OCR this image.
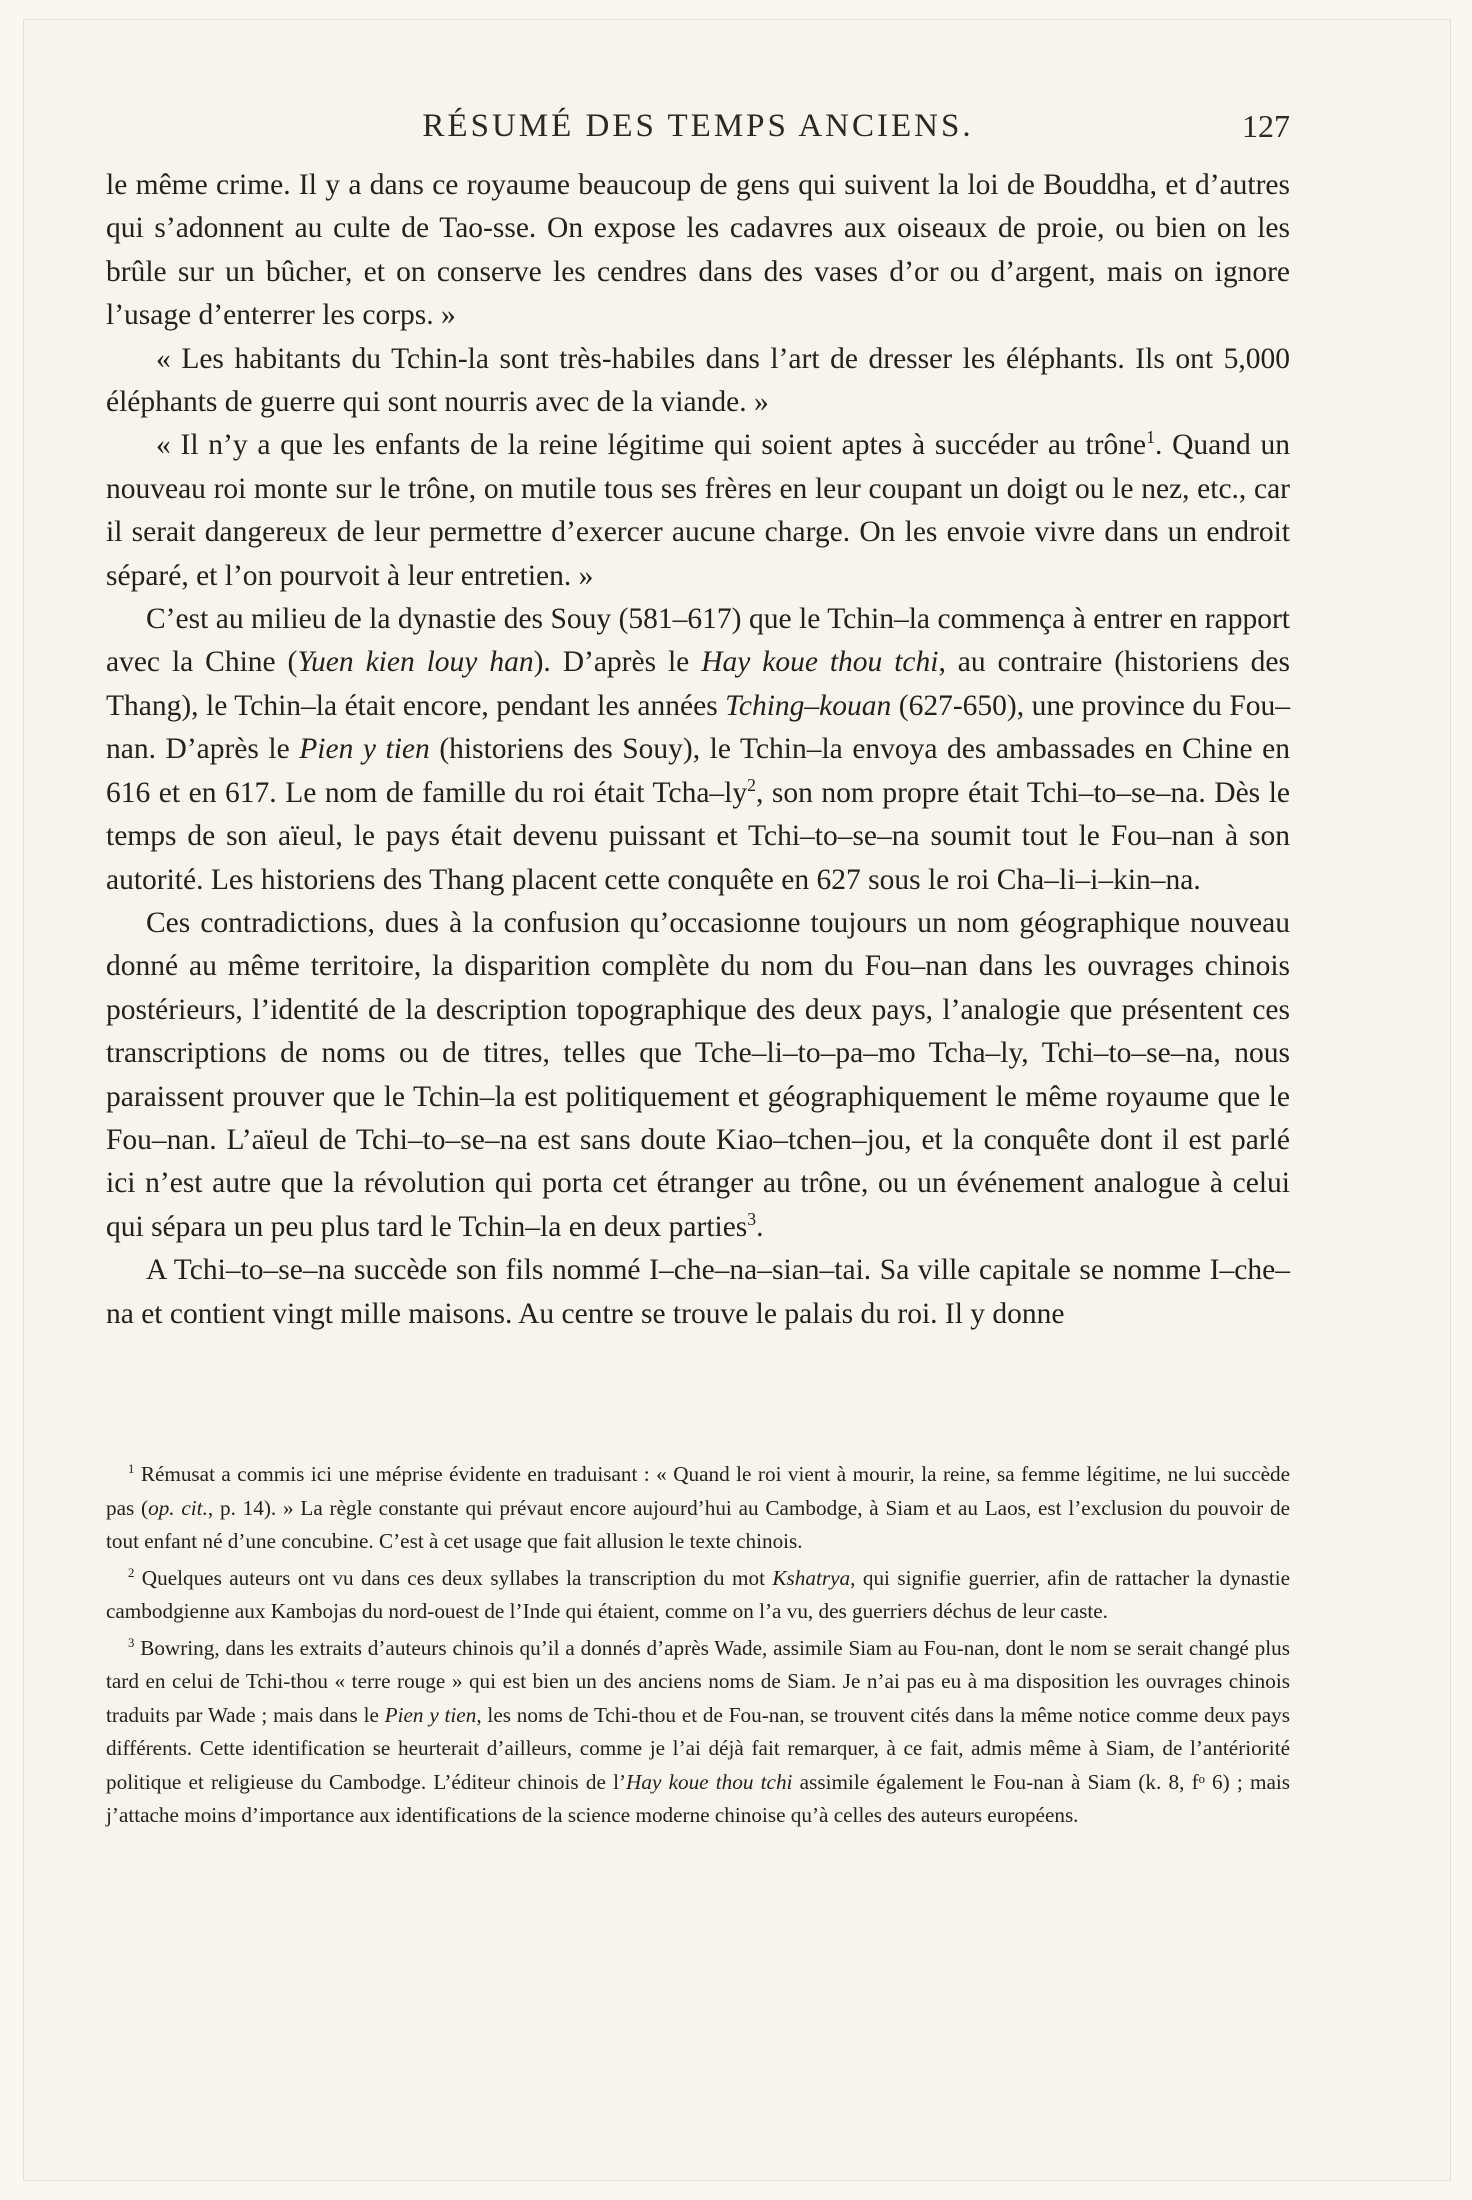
RÉSUMÉ DES TEMPS ANCIENS.	127

le même crime. Il y a dans ce royaume beaucoup de gens qui suivent la loi de Bouddha, et d’autres qui s’adonnent au culte de Tao-sse. On expose les cadavres aux oiseaux de proie, ou bien on les brûle sur un bûcher, et on conserve les cendres dans des vases d’or ou d’argent, mais on ignore l’usage d’enterrer les corps. »

« Les habitants du Tchin-la sont très-habiles dans l’art de dresser les éléphants. Ils ont 5,000 éléphants de guerre qui sont nourris avec de la viande. »

« Il n’y a que les enfants de la reine légitime qui soient aptes à succéder au trône$^1$. Quand un nouveau roi monte sur le trône, on mutile tous ses frères en leur coupant un doigt ou le nez, etc., car il serait dangereux de leur permettre d’exercer aucune charge. On les envoie vivre dans un endroit séparé, et l’on pourvoit à leur entretien. »

C’est au milieu de la dynastie des Souy (581–617) que le Tchin–la commença à entrer en rapport avec la Chine (Yuen kien louy han). D’après le Hay koue thou tchi, au contraire (historiens des Thang), le Tchin–la était encore, pendant les années Tching–kouan (627-650), une province du Fou–nan. D’après le Pien y tien (historiens des Souy), le Tchin–la envoya des ambassades en Chine en 616 et en 617. Le nom de famille du roi était Tcha–$ly^2$, son nom propre était Tchi–to–se–na. Dès le temps de son aïeul, le pays était devenu puissant et Tchi–to–se–na soumit tout le Fou–nan à son autorité. Les historiens des Thang placent cette conquête en 627 sous le roi Cha–li–i–kin–na.

Ces contradictions, dues à la confusion qu’occasionne toujours un nom géographique nouveau donné au même territoire, la disparition complète du nom du Fou–nan dans les ouvrages chinois postérieurs, l’identité de la description topographique des deux pays, l’analogie que présentent ces transcriptions de noms ou de titres, telles que Tche–li–to–pa–mo Tcha–ly, Tchi–to–se–na, nous paraissent prouver que le Tchin–la est politiquement et géographiquement le même royaume que le Fou–nan. L’aïeul de Tchi–to–se–na est sans doute Kiao–tchen–jou, et la conquête dont il est parlé ici n’est autre que la révolution qui porta cet étranger au trône, ou un événement analogue à celui qui sépara un peu plus tard le Tchin–la en deux parties$^3$.

A Tchi–to–se–na succède son fils nommé I–che–na–sian–tai. Sa ville capitale se nomme I–che–na et contient vingt mille maisons. Au centre se trouve le palais du roi. Il y donne

$^1$ Rémusat a commis ici une méprise évidente en traduisant : « Quand le roi vient à mourir, la reine, sa femme légitime, ne lui succède pas (op. cit., p. 14). » La règle constante qui prévaut encore aujourd’hui au Cambodge, à Siam et au Laos, est l’exclusion du pouvoir de tout enfant né d’une concubine. C’est à cet usage que fait allusion le texte chinois.

$^2$ Quelques auteurs ont vu dans ces deux syllabes la transcription du mot Kshatrya, qui signifie guerrier, afin de rattacher la dynastie cambodgienne aux Kambojas du nord-ouest de l’Inde qui étaient, comme on l’a vu, des guerriers déchus de leur caste.

$^3$ Bowring, dans les extraits d’auteurs chinois qu’il a donnés d’après Wade, assimile Siam au Fou-nan, dont le nom se serait changé plus tard en celui de Tchi-thou « terre rouge » qui est bien un des anciens noms de Siam. Je n’ai pas eu à ma disposition les ouvrages chinois traduits par Wade ; mais dans le Pien y tien, les noms de Tchi-thou et de Fou-nan, se trouvent cités dans la même notice comme deux pays différents. Cette identification se heurterait d’ailleurs, comme je l’ai déjà fait remarquer, à ce fait, admis même à Siam, de l’antériorité politique et religieuse du Cambodge. L’éditeur chinois de l’Hay koue thou tchi assimile également le Fou-nan à Siam (k. 8, fᵒ 6) ; mais j’attache moins d’importance aux identifications de la science moderne chinoise qu’à celles des auteurs européens.
